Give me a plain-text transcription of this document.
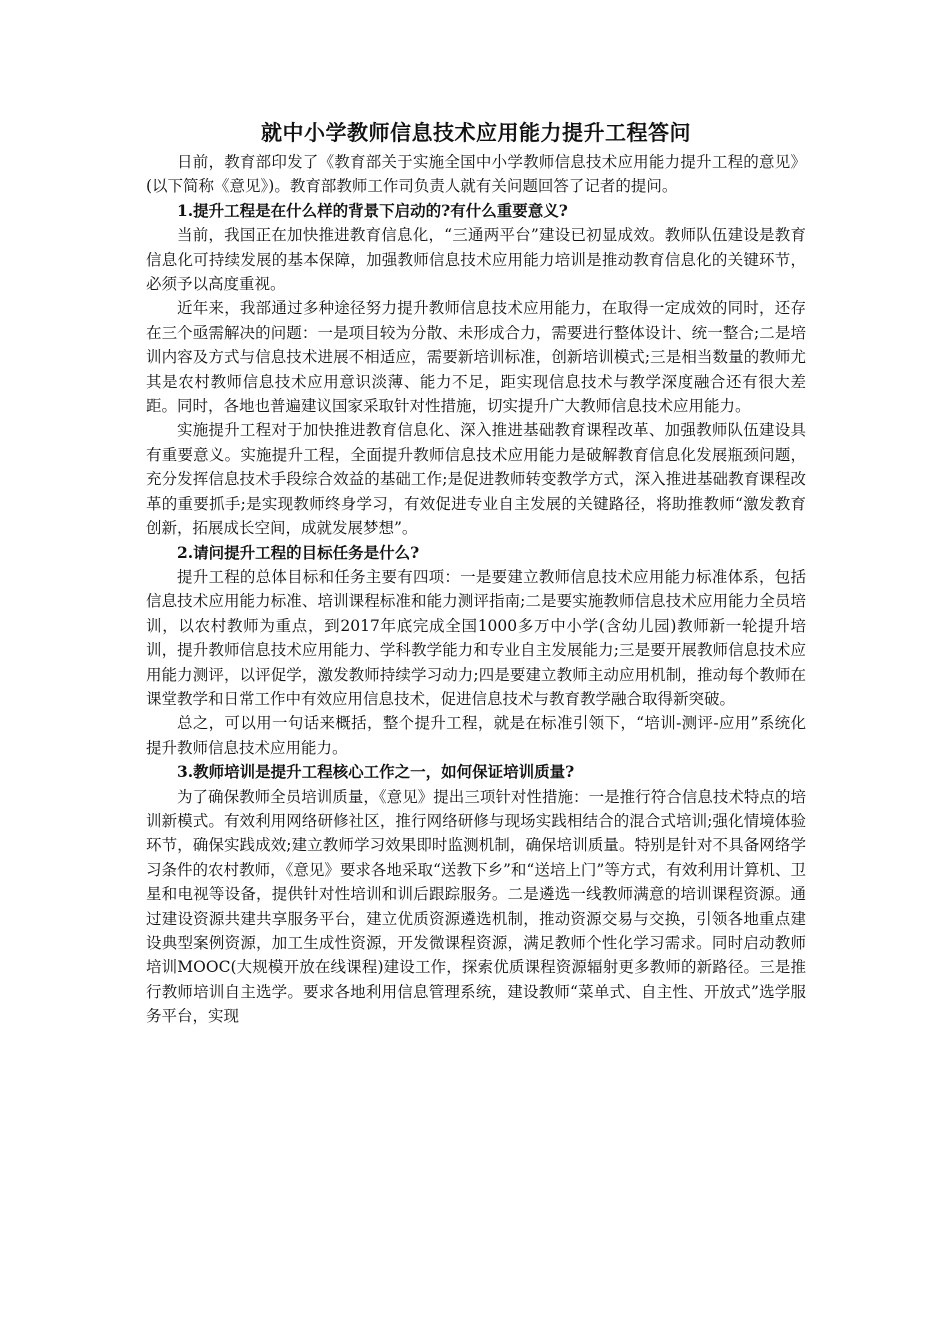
就中小学教师信息技术应用能力提升工程答问

日前，教育部印发了《教育部关于实施全国中小学教师信息技术应用能力提升工程的意见》(以下简称《意见》)。教育部教师工作司负责人就有关问题回答了记者的提问。

1.提升工程是在什么样的背景下启动的?有什么重要意义?

当前，我国正在加快推进教育信息化，“三通两平台”建设已初显成效。教师队伍建设是教育信息化可持续发展的基本保障，加强教师信息技术应用能力培训是推动教育信息化的关键环节，必须予以高度重视。

近年来，我部通过多种途径努力提升教师信息技术应用能力，在取得一定成效的同时，还存在三个亟需解决的问题：一是项目较为分散、未形成合力，需要进行整体设计、统一整合;二是培训内容及方式与信息技术进展不相适应，需要新培训标准，创新培训模式;三是相当数量的教师尤其是农村教师信息技术应用意识淡薄、能力不足，距实现信息技术与教学深度融合还有很大差距。同时，各地也普遍建议国家采取针对性措施，切实提升广大教师信息技术应用能力。

实施提升工程对于加快推进教育信息化、深入推进基础教育课程改革、加强教师队伍建设具有重要意义。实施提升工程，全面提升教师信息技术应用能力是破解教育信息化发展瓶颈问题，充分发挥信息技术手段综合效益的基础工作;是促进教师转变教学方式，深入推进基础教育课程改革的重要抓手;是实现教师终身学习，有效促进专业自主发展的关键路径，将助推教师“激发教育创新，拓展成长空间，成就发展梦想”。

2.请问提升工程的目标任务是什么?

提升工程的总体目标和任务主要有四项：一是要建立教师信息技术应用能力标准体系，包括信息技术应用能力标准、培训课程标准和能力测评指南;二是要实施教师信息技术应用能力全员培训，以农村教师为重点，到2017年底完成全国1000多万中小学(含幼儿园)教师新一轮提升培训，提升教师信息技术应用能力、学科教学能力和专业自主发展能力;三是要开展教师信息技术应用能力测评，以评促学，激发教师持续学习动力;四是要建立教师主动应用机制，推动每个教师在课堂教学和日常工作中有效应用信息技术，促进信息技术与教育教学融合取得新突破。

总之，可以用一句话来概括，整个提升工程，就是在标准引领下，“培训-测评-应用”系统化提升教师信息技术应用能力。

3.教师培训是提升工程核心工作之一，如何保证培训质量?

为了确保教师全员培训质量，《意见》提出三项针对性措施：一是推行符合信息技术特点的培训新模式。有效利用网络研修社区，推行网络研修与现场实践相结合的混合式培训;强化情境体验环节，确保实践成效;建立教师学习效果即时监测机制，确保培训质量。特别是针对不具备网络学习条件的农村教师，《意见》要求各地采取“送教下乡”和“送培上门”等方式，有效利用计算机、卫星和电视等设备，提供针对性培训和训后跟踪服务。二是遴选一线教师满意的培训课程资源。通过建设资源共建共享服务平台，建立优质资源遴选机制，推动资源交易与交换，引领各地重点建设典型案例资源，加工生成性资源，开发微课程资源，满足教师个性化学习需求。同时启动教师培训MOOC(大规模开放在线课程)建设工作，探索优质课程资源辐射更多教师的新路径。三是推行教师培训自主选学。要求各地利用信息管理系统，建设教师“菜单式、自主性、开放式”选学服务平台，实现
